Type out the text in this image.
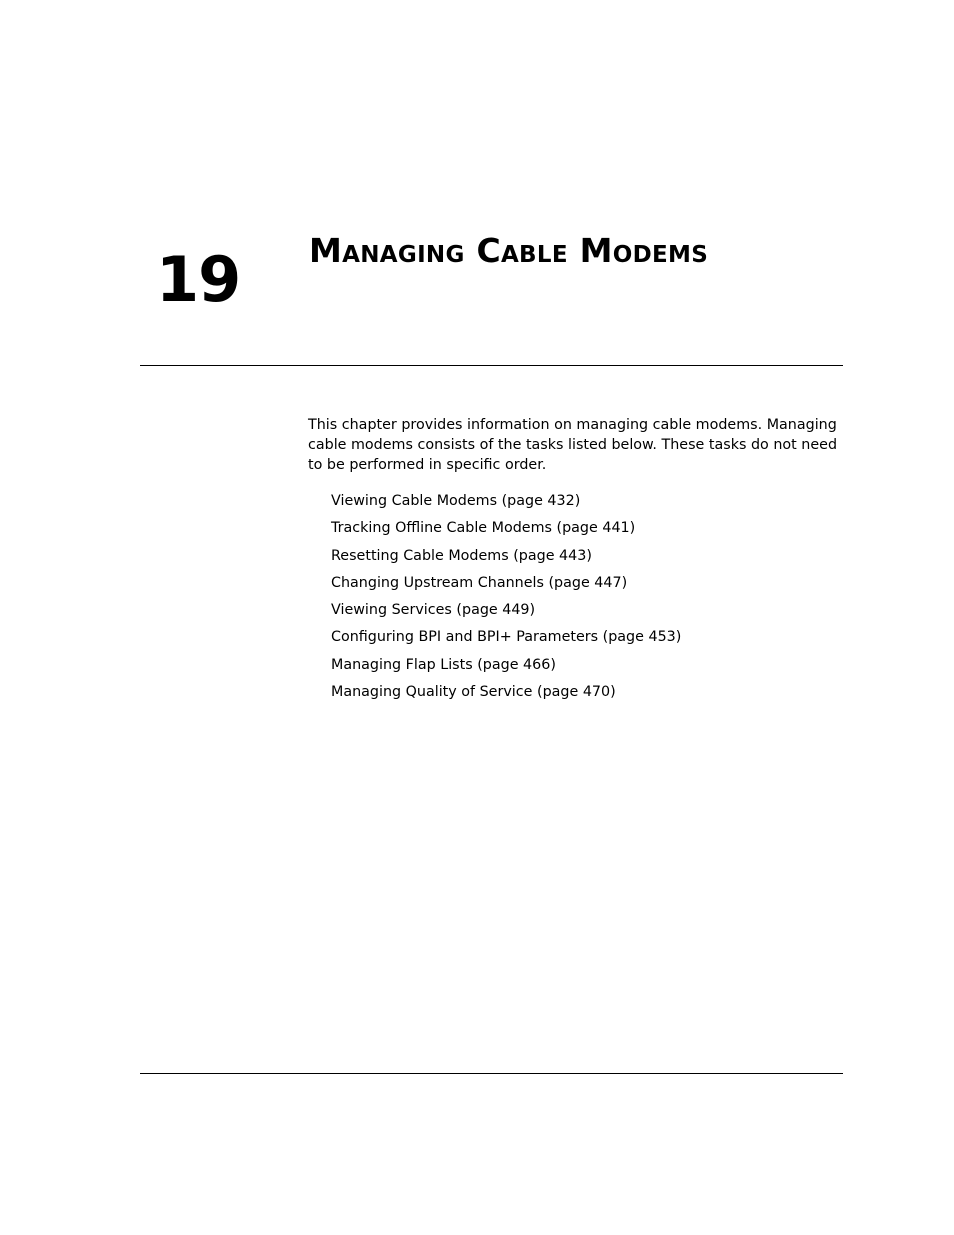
19 Managing Cable Modems

This chapter provides information on managing cable modems. Managing cable modems consists of the tasks listed below. These tasks do not need to be performed in specific order.

Viewing Cable Modems (page 432)
Tracking Offline Cable Modems (page 441)
Resetting Cable Modems (page 443)
Changing Upstream Channels (page 447)
Viewing Services (page 449)
Configuring BPI and BPI+ Parameters (page 453)
Managing Flap Lists (page 466)
Managing Quality of Service (page 470)
